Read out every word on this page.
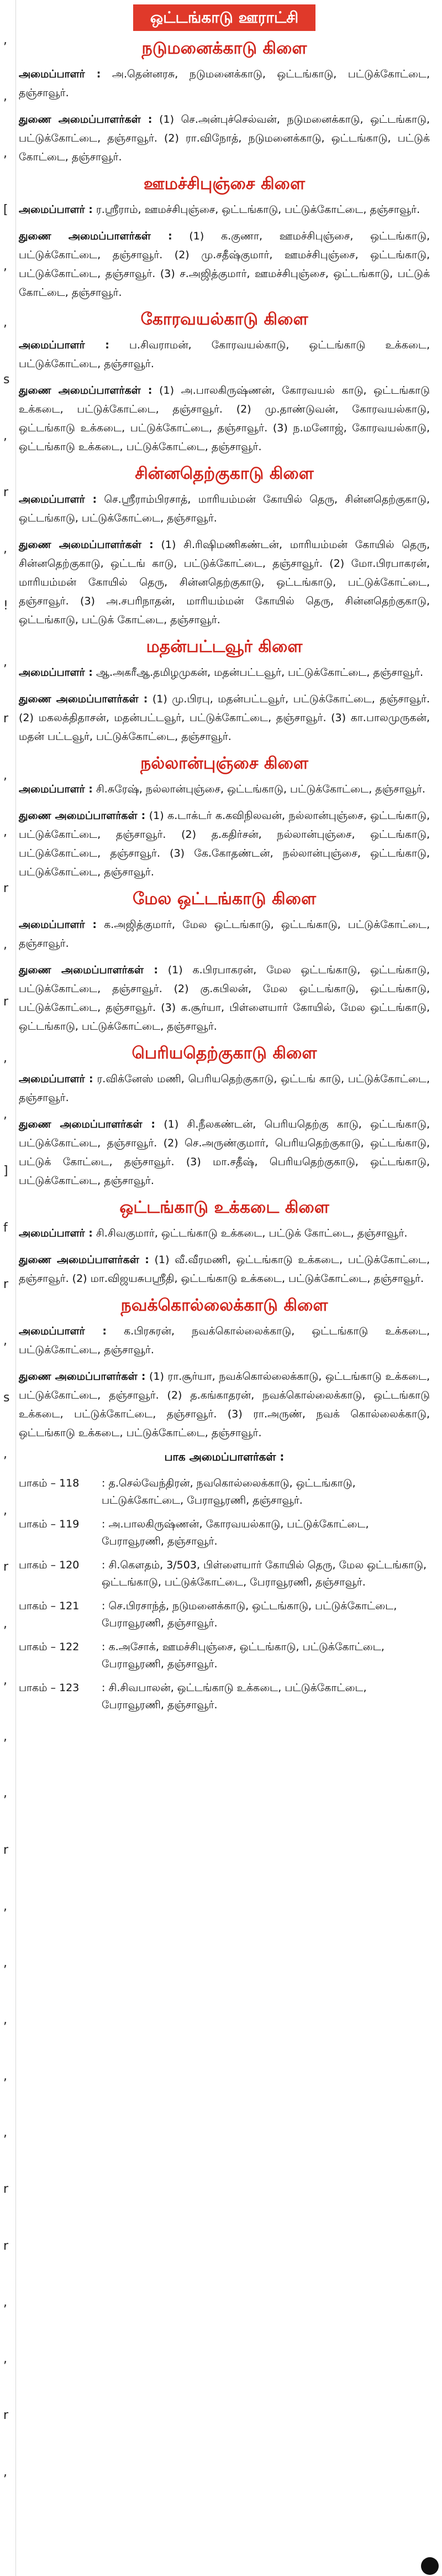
,
,
,
[
,
,
s
,
r
,
!
,
r
,
,
r
,
r
,
,
]
f
r
,
s
,
,
r
,
,
,
,
r
,
,
,
,
,
r
r
,
,
r
,
ஒட்டங்காடு ஊராட்சி
நடுமனைக்காடு கிளை
அமைப்பாளர் : அ.தென்னரசு, நடுமனைக்காடு, ஒட்டங்காடு, பட்டுக்கோட்டை, தஞ்சாவூர்.
துணை அமைப்பாளர்கள் : (1) செ.அன்புச்செல்வன், நடுமனைக்காடு, ஒட்டங்காடு, பட்டுக்கோட்டை, தஞ்சாவூர். (2) ரா.விநோத், நடுமனைக்காடு, ஒட்டங்காடு, பட்டுக் கோட்டை, தஞ்சாவூர்.
ஊமச்சிபுஞ்சை கிளை
அமைப்பாளர் : ர.ஸ்ரீராம், ஊமச்சிபுஞ்சை, ஒட்டங்காடு, பட்டுக்கோட்டை, தஞ்சாவூர்.
துணை அமைப்பாளர்கள் : (1) க.குணா, ஊமச்சிபுஞ்சை, ஒட்டங்காடு, பட்டுக்கோட்டை, தஞ்சாவூர். (2) மு.சதீஷ்குமார், ஊமச்சிபுஞ்சை, ஒட்டங்காடு, பட்டுக்கோட்டை, தஞ்சாவூர். (3) ச.அஜித்குமார், ஊமச்சிபுஞ்சை, ஒட்டங்காடு, பட்டுக் கோட்டை, தஞ்சாவூர்.
கோரவயல்காடு கிளை
அமைப்பாளர் : ப.சிவராமன், கோரவயல்காடு, ஒட்டங்காடு உக்கடை, பட்டுக்கோட்டை, தஞ்சாவூர்.
துணை அமைப்பாளர்கள் : (1) அ.பாலகிருஷ்ணன், கோரவயல் காடு, ஒட்டங்காடு உக்கடை, பட்டுக்கோட்டை, தஞ்சாவூர். (2) மு.தாண்டுவன், கோரவயல்காடு, ஒட்டங்காடு உக்கடை, பட்டுக்கோட்டை, தஞ்சாவூர். (3) ந.மனோஜ், கோரவயல்காடு, ஒட்டங்காடு உக்கடை, பட்டுக்கோட்டை, தஞ்சாவூர்.
சின்னதெற்குகாடு கிளை
அமைப்பாளர் : செ.ஸ்ரீராம்பிரசாத், மாரியம்மன் கோயில் தெரு, சின்னதெற்குகாடு, ஒட்டங்காடு, பட்டுக்கோட்டை, தஞ்சாவூர்.
துணை அமைப்பாளர்கள் : (1) சி.ரிஷிமணிகண்டன், மாரியம்மன் கோயில் தெரு, சின்னதெற்குகாடு, ஒட்டங் காடு, பட்டுக்கோட்டை, தஞ்சாவூர். (2) மோ.பிரபாகரன், மாரியம்மன் கோயில் தெரு, சின்னதெற்குகாடு, ஒட்டங்காடு, பட்டுக்கோட்டை, தஞ்சாவூர். (3) அ.சபரிநாதன், மாரியம்மன் கோயில் தெரு, சின்னதெற்குகாடு, ஒட்டங்காடு, பட்டுக் கோட்டை, தஞ்சாவூர்.
மதன்பட்டவூர் கிளை
அமைப்பாளர் : ஆ.அகரீஆ.தமிழமுகன், மதன்பட்டவூர், பட்டுக்கோட்டை, தஞ்சாவூர்.
துணை அமைப்பாளர்கள் : (1) மு.பிரபு, மதன்பட்டவூர், பட்டுக்கோட்டை, தஞ்சாவூர். (2) மகலக்திதாசன், மதன்பட்டவூர், பட்டுக்கோட்டை, தஞ்சாவூர். (3) கா.பாலமுருகன், மதன் பட்டவூர், பட்டுக்கோட்டை, தஞ்சாவூர்.
நல்லான்புஞ்சை கிளை
அமைப்பாளர் : சி.சுரேஷ், நல்லான்புஞ்சை, ஒட்டங்காடு, பட்டுக்கோட்டை, தஞ்சாவூர்.
துணை அமைப்பாளர்கள் : (1) க.டாக்டர் க.கவிநிலவன், நல்லான்புஞ்சை, ஒட்டங்காடு, பட்டுக்கோட்டை, தஞ்சாவூர். (2) த.கதிர்சன், நல்லான்புஞ்சை, ஒட்டங்காடு, பட்டுக்கோட்டை, தஞ்சாவூர். (3) கே.கோதண்டன், நல்லான்புஞ்சை, ஒட்டங்காடு, பட்டுக்கோட்டை, தஞ்சாவூர்.
மேல ஒட்டங்காடு கிளை
அமைப்பாளர் : க.அஜித்குமார், மேல ஒட்டங்காடு, ஒட்டங்காடு, பட்டுக்கோட்டை, தஞ்சாவூர்.
துணை அமைப்பாளர்கள் : (1) க.பிரபாகரன், மேல ஒட்டங்காடு, ஒட்டங்காடு, பட்டுக்கோட்டை, தஞ்சாவூர். (2) கு.கபிலன், மேல ஒட்டங்காடு, ஒட்டங்காடு, பட்டுக்கோட்டை, தஞ்சாவூர். (3) க.சூர்யா, பிள்ளையார் கோயில், மேல ஒட்டங்காடு, ஒட்டங்காடு, பட்டுக்கோட்டை, தஞ்சாவூர்.
பெரியதெற்குகாடு கிளை
அமைப்பாளர் : ர.விக்னேஸ் மணி, பெரியதெற்குகாடு, ஒட்டங் காடு, பட்டுக்கோட்டை, தஞ்சாவூர்.
துணை அமைப்பாளர்கள் : (1) சி.நீலகண்டன், பெரியதெற்கு காடு, ஒட்டங்காடு, பட்டுக்கோட்டை, தஞ்சாவூர். (2) செ.அருண்குமார், பெரியதெற்குகாடு, ஒட்டங்காடு, பட்டுக் கோட்டை, தஞ்சாவூர். (3) மா.சதீஷ், பெரியதெற்குகாடு, ஒட்டங்காடு, பட்டுக்கோட்டை, தஞ்சாவூர்.
ஒட்டங்காடு உக்கடை கிளை
அமைப்பாளர் : சி.சிவகுமார், ஒட்டங்காடு உக்கடை, பட்டுக் கோட்டை, தஞ்சாவூர்.
துணை அமைப்பாளர்கள் : (1) வீ.வீரமணி, ஒட்டங்காடு உக்கடை, பட்டுக்கோட்டை, தஞ்சாவூர். (2) மா.விஜயசுபஸ்ரீதி, ஒட்டங்காடு உக்கடை, பட்டுக்கோட்டை, தஞ்சாவூர்.
நவக்கொல்லைக்காடு கிளை
அமைப்பாளர் : க.பிரசுரன், நவக்கொல்லைக்காடு, ஒட்டங்காடு உக்கடை, பட்டுக்கோட்டை, தஞ்சாவூர்.
துணை அமைப்பாளர்கள் : (1) ரா.சூர்யா, நவக்கொல்லைக்காடு, ஒட்டங்காடு உக்கடை, பட்டுக்கோட்டை, தஞ்சாவூர். (2) த.கங்காதரன், நவக்கொல்லைக்காடு, ஒட்டங்காடு உக்கடை, பட்டுக்கோட்டை, தஞ்சாவூர். (3) ரா.அருண், நவக் கொல்லைக்காடு, ஒட்டங்காடு உக்கடை, பட்டுக்கோட்டை, தஞ்சாவூர்.
பாக அமைப்பாளர்கள் :
பாகம் – 118	: த.செல்வேந்திரன், நவகொல்லைக்காடு, ஒட்டங்காடு, பட்டுக்கோட்டை, பேராவூரணி, தஞ்சாவூர்.
பாகம் – 119	: அ.பாலகிருஷ்ணன், கோரவயல்காடு, பட்டுக்கோட்டை, பேராவூரணி, தஞ்சாவூர்.
பாகம் – 120	: சி.கௌதம், 3/503, பிள்ளையார் கோயில் தெரு, மேல ஒட்டங்காடு, ஒட்டங்காடு, பட்டுக்கோட்டை, பேராவூரணி, தஞ்சாவூர்.
பாகம் – 121	: செ.பிரசாந்த், நடுமனைக்காடு, ஒட்டங்காடு, பட்டுக்கோட்டை, பேராவூரணி, தஞ்சாவூர்.
பாகம் – 122	: க.அசோக், ஊமச்சிபுஞ்சை, ஒட்டங்காடு, பட்டுக்கோட்டை, பேராவூரணி, தஞ்சாவூர்.
பாகம் – 123	: சி.சிவபாலன், ஒட்டங்காடு உக்கடை, பட்டுக்கோட்டை, பேராவூரணி, தஞ்சாவூர்.
